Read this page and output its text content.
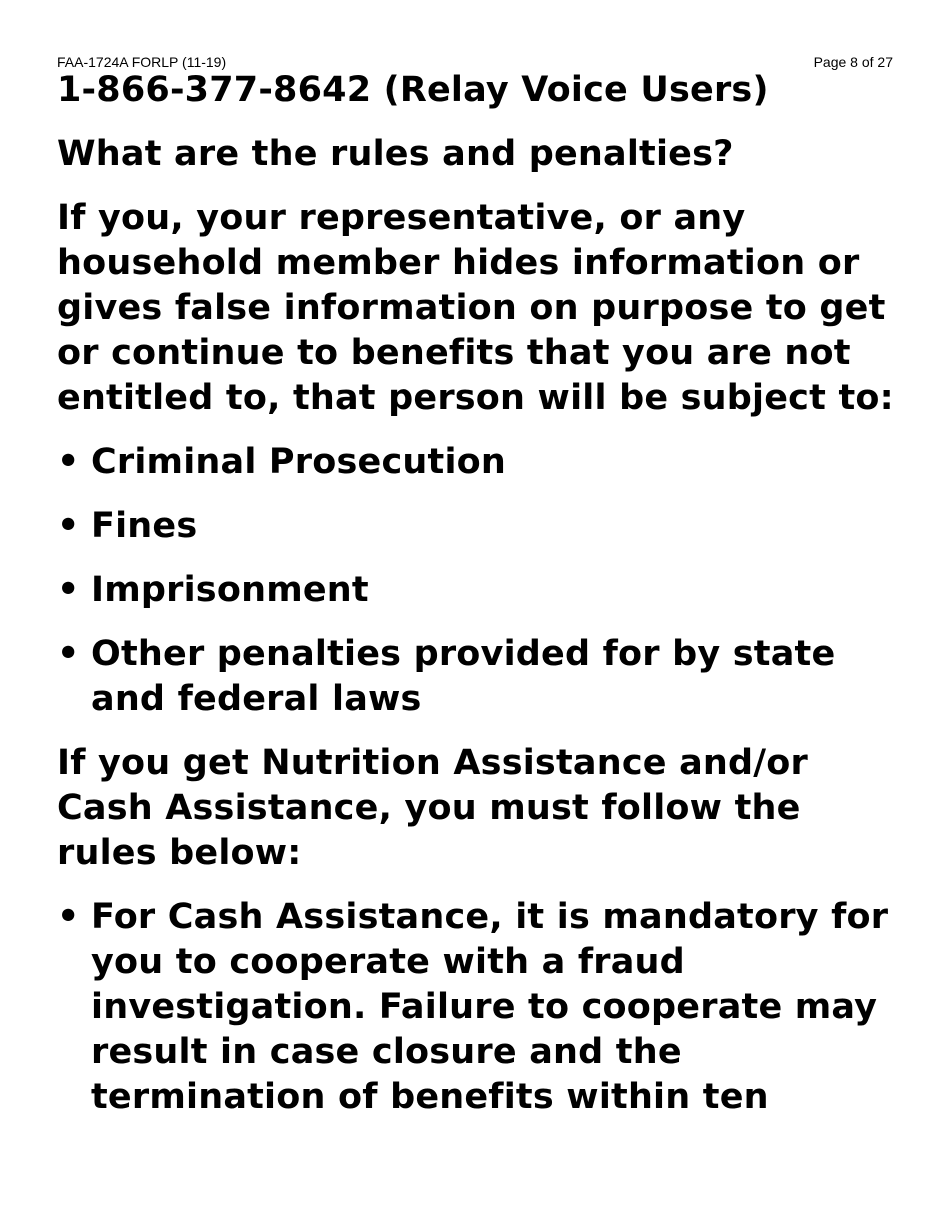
FAA-1724A FORLP (11-19)	Page 8 of 27

1-866-377-8642 (Relay Voice Users)

What are the rules and penalties?

If you, your representative, or any household member hides information or gives false information on purpose to get or continue to benefits that you are not entitled to, that person will be subject to:

• Criminal Prosecution
• Fines
• Imprisonment
• Other penalties provided for by state and federal laws

If you get Nutrition Assistance and/or Cash Assistance, you must follow the rules below:

• For Cash Assistance, it is mandatory for you to cooperate with a fraud investigation. Failure to cooperate may result in case closure and the termination of benefits within ten
